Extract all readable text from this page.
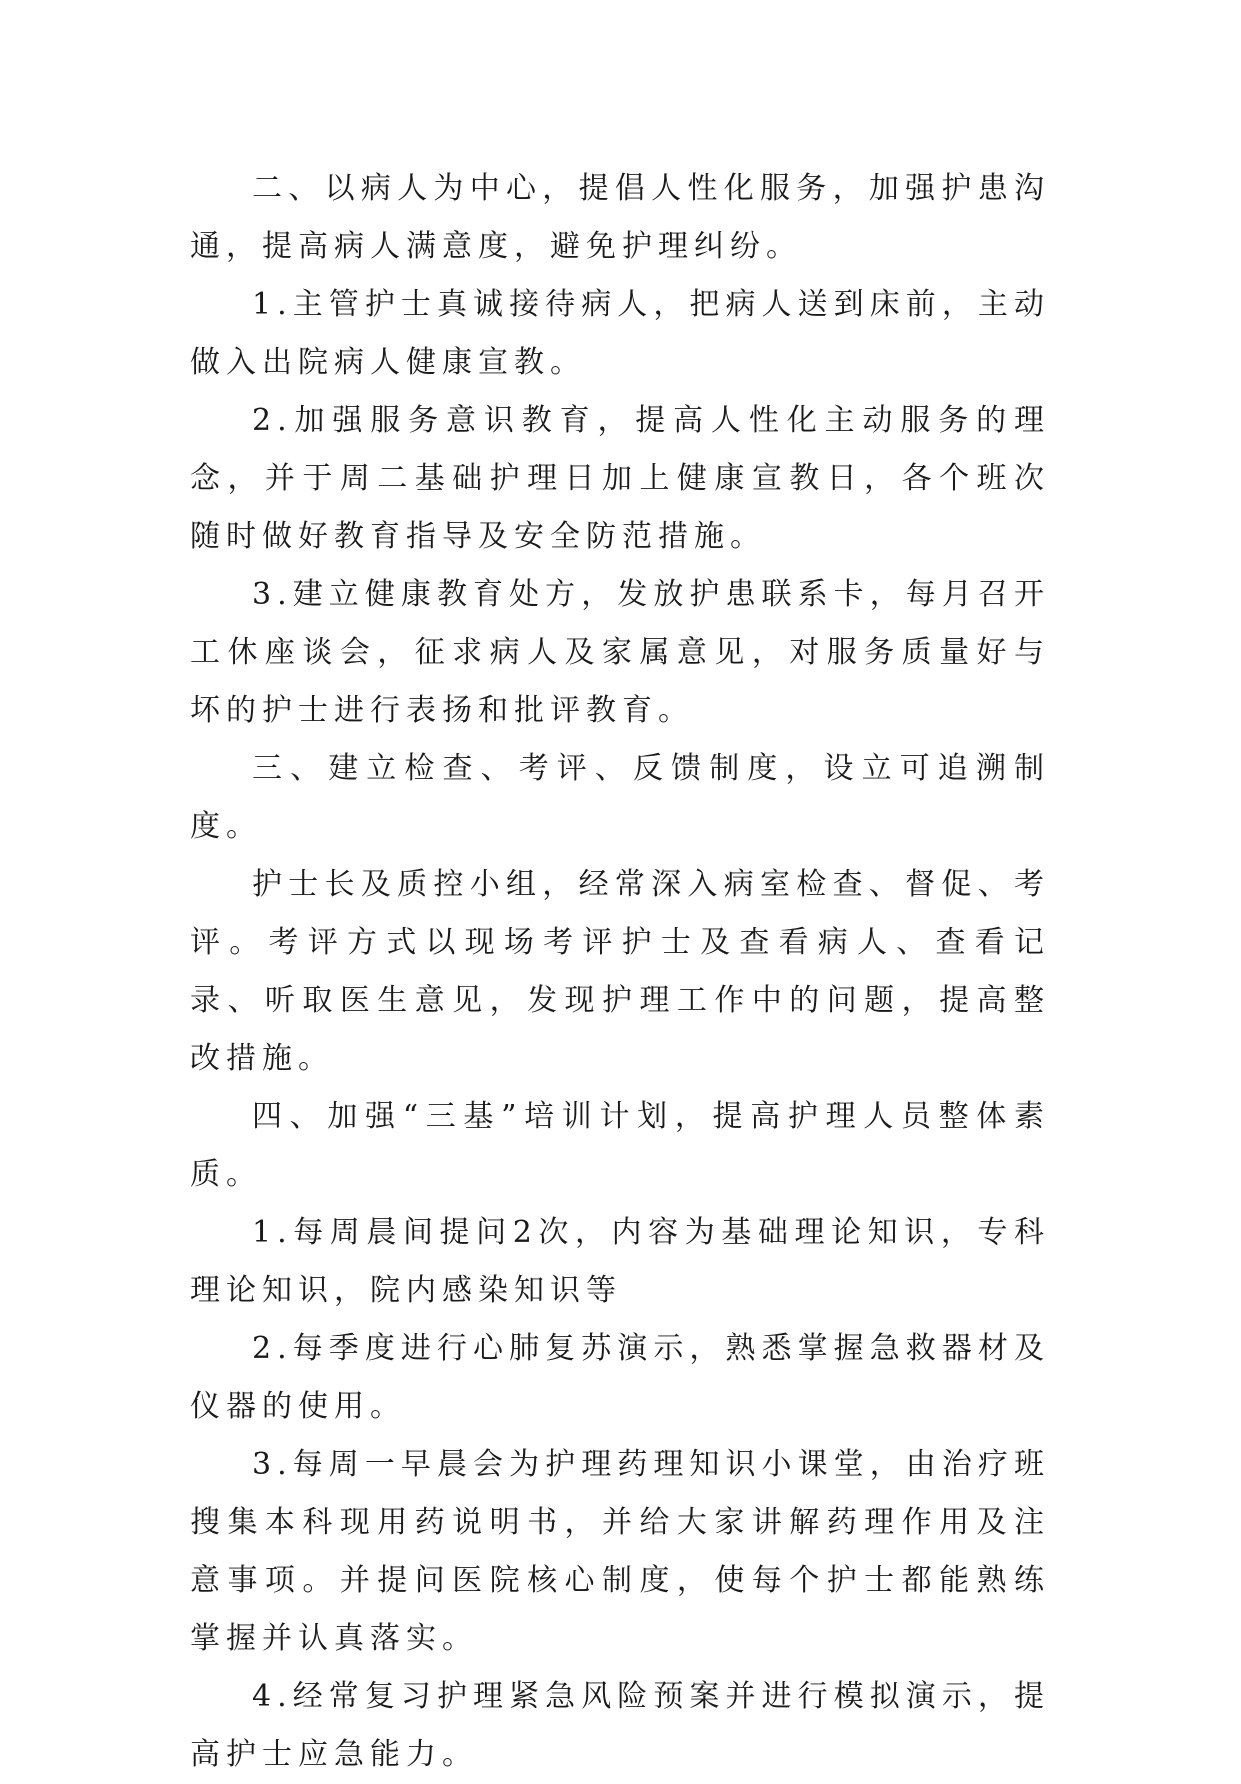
二、以病人为中心，提倡人性化服务，加强护患沟通，提高病人满意度，避免护理纠纷。

1.主管护士真诚接待病人，把病人送到床前，主动做入出院病人健康宣教。

2.加强服务意识教育，提高人性化主动服务的理念，并于周二基础护理日加上健康宣教日，各个班次随时做好教育指导及安全防范措施。

3.建立健康教育处方，发放护患联系卡，每月召开工休座谈会，征求病人及家属意见，对服务质量好与坏的护士进行表扬和批评教育。

三、建立检查、考评、反馈制度，设立可追溯制度。

护士长及质控小组，经常深入病室检查、督促、考评。考评方式以现场考评护士及查看病人、查看记录、听取医生意见，发现护理工作中的问题，提高整改措施。

四、加强“三基”培训计划，提高护理人员整体素质。

1.每周晨间提问2次，内容为基础理论知识，专科理论知识，院内感染知识等

2.每季度进行心肺复苏演示，熟悉掌握急救器材及仪器的使用。

3.每周一早晨会为护理药理知识小课堂，由治疗班搜集本科现用药说明书，并给大家讲解药理作用及注意事项。并提问医院核心制度，使每个护士都能熟练掌握并认真落实。

4.经常复习护理紧急风险预案并进行模拟演示，提高护士应急能力。
